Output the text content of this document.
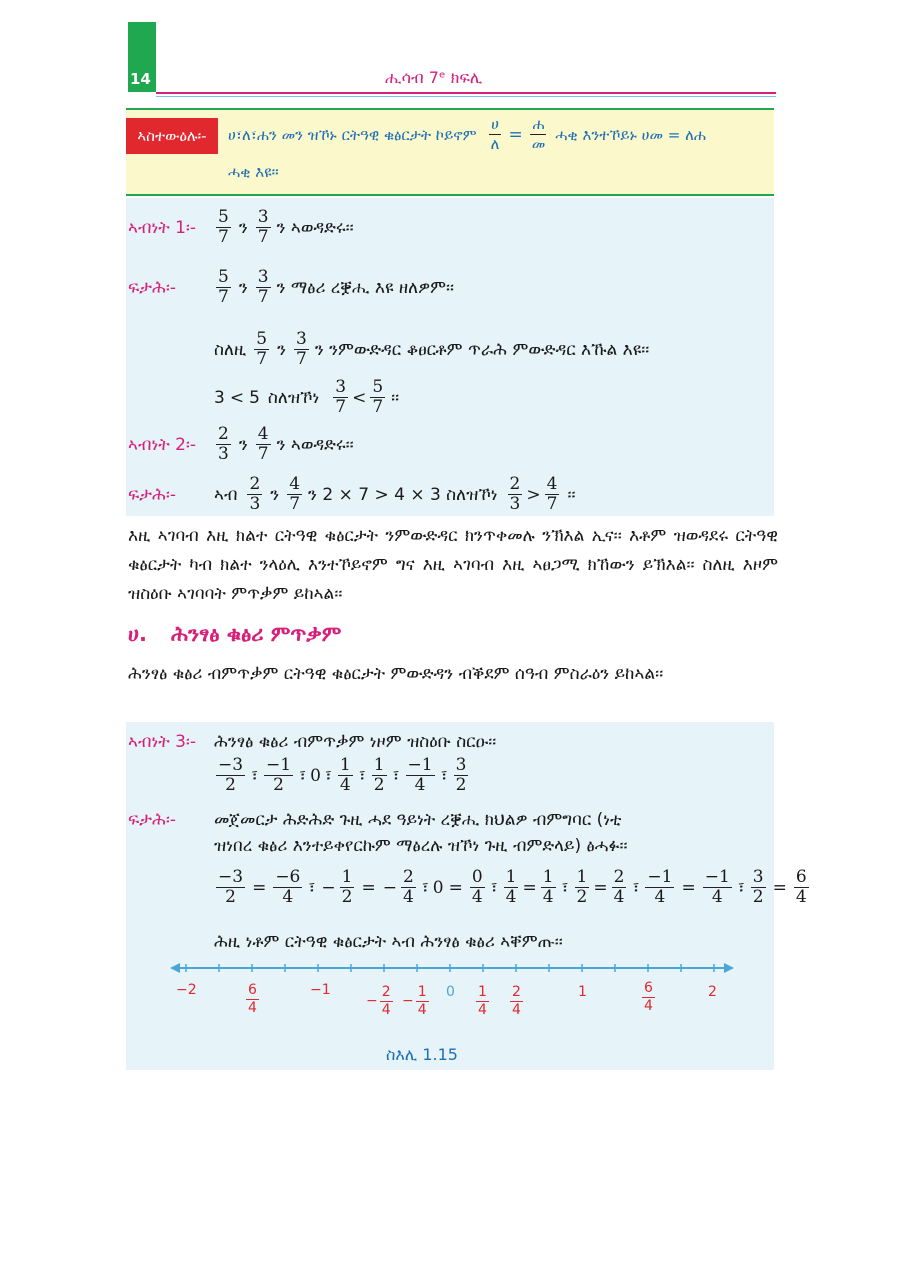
14	ሒሳብ 7ᵉ ክፍሊ
ኣስተውዕሉ፡-	ሀ፣ለ፣ሐን መን ዝኾኑ ርትዓዊ ቁፅርታት ኮይኖም $\frac{\text{ሀ}}{\text{ለ}} = \frac{\text{ሐ}}{\text{መ}}$ ሓቂ እንተኾይኑ ሀመ = ለሐ
ሓቂ እዩ፡፡
ኣብነት 1፡-	$\frac{5}{7}$ ን $\frac{3}{7}$ ን ኣወዳድሩ፡፡
ፍታሕ፡-	$\frac{5}{7}$ ን $\frac{3}{7}$ ን ማፅሪ ረቛሒ እዩ ዘለዎም፡፡
ስለዚ $\frac{5}{7}$ ን $\frac{3}{7}$ ን ንምውድዳር ቆፀርቶም ጥራሕ ምውድዳር እኹል እዩ፡፡
3 < 5 ስለዝኾነ $\frac{3}{7} < \frac{5}{7}$ ፡፡
ኣብነት 2፡-	$\frac{2}{3}$ ን $\frac{4}{7}$ ን ኣወዳድሩ፡፡
ፍታሕ፡-	ኣብ $\frac{2}{3}$ ን $\frac{4}{7}$ ን 2 × 7 > 4 × 3 ስለዝኾነ $\frac{2}{3} > \frac{4}{7}$ ፡፡
እዚ ኣገባብ እዚ ክልተ ርትዓዊ ቁፅርታት ንምውድዳር ክንጥቀመሉ ንኽእል ኢና፡፡ እቶም ዝወዳደሩ ርትዓዊ ቁፅርታት ካብ ክልተ ንላዕሊ እንተኾይኖም ግና እዚ ኣገባብ እዚ ኣፀጋሚ ክኸውን ይኽእል፡፡ ስለዚ እዞም ዝስዕቡ ኣገባባት ምጥቃም ይከኣል፡፡
ሀ. ሕንፃፅ ቁፅሪ ምጥቃም
ሕንፃፅ ቁፅሪ ብምጥቃም ርትዓዊ ቁፅርታት ምውድዳን ብቕደም ሰዓብ ምስራዕን ይከኣል፡፡
ኣብነት 3፡-	ሕንፃፅ ቁፅሪ ብምጥቃም ነዞም ዝስዕቡ ስርዑ፡፡
$\frac{-3}{2}$ ፣ $\frac{-1}{2}$ ፣ 0 ፣ $\frac{1}{4}$ ፣ $\frac{1}{2}$ ፣ $\frac{-1}{4}$ ፣ $\frac{3}{2}$
ፍታሕ፡-	መጀመርታ ሕድሕድ ጉዚ ሓደ ዓይነት ረቛሒ ክህልዎ ብምግባር (ነቲ
ዝነበረ ቁፅሪ እንተይቀየርኩም ማፅረሉ ዝኾነ ጉዚ ብምድላይ) ፅሓፉ፡፡
$\frac{-3}{2} = \frac{-6}{4}$ ፣ − $\frac{1}{2}$ = − $\frac{2}{4}$ ፣ $0 = \frac{0}{4}$ ፣ $\frac{1}{4} = \frac{1}{4}$ ፣ $\frac{1}{2} = \frac{2}{4}$ ፣ $\frac{-1}{4} = \frac{-1}{4}$ ፣ $\frac{3}{2} = \frac{6}{4}$
ሕዚ ነቶም ርትዓዊ ቁፅርታት ኣብ ሕንፃፅ ቁፅሪ ኣቐምጡ፡፡
−2	−1	0	1	2
$\frac{6}{4}$	− $\frac{2}{4} - \frac{1}{4}$	$\frac{1}{4} \frac{2}{4}$	$\frac{6}{4}$
ስእሊ 1.15
